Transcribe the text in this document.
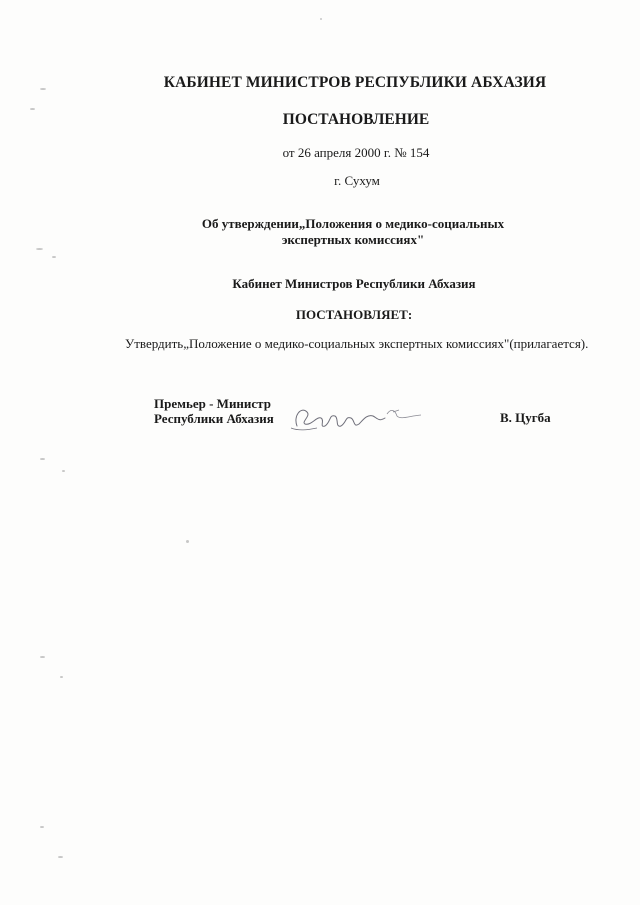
КАБИНЕТ МИНИСТРОВ РЕСПУБЛИКИ АБХАЗИЯ
ПОСТАНОВЛЕНИЕ
от 26 апреля 2000 г. № 154
г. Сухум
Об утверждении„Положения о медико-социальных
экспертных комиссиях"
Кабинет Министров Республики Абхазия
ПОСТАНОВЛЯЕТ:
Утвердить„Положение о медико-социальных экспертных комиссиях"(прилагается).
Премьер - Министр
Республики Абхазия	В. Цугба
